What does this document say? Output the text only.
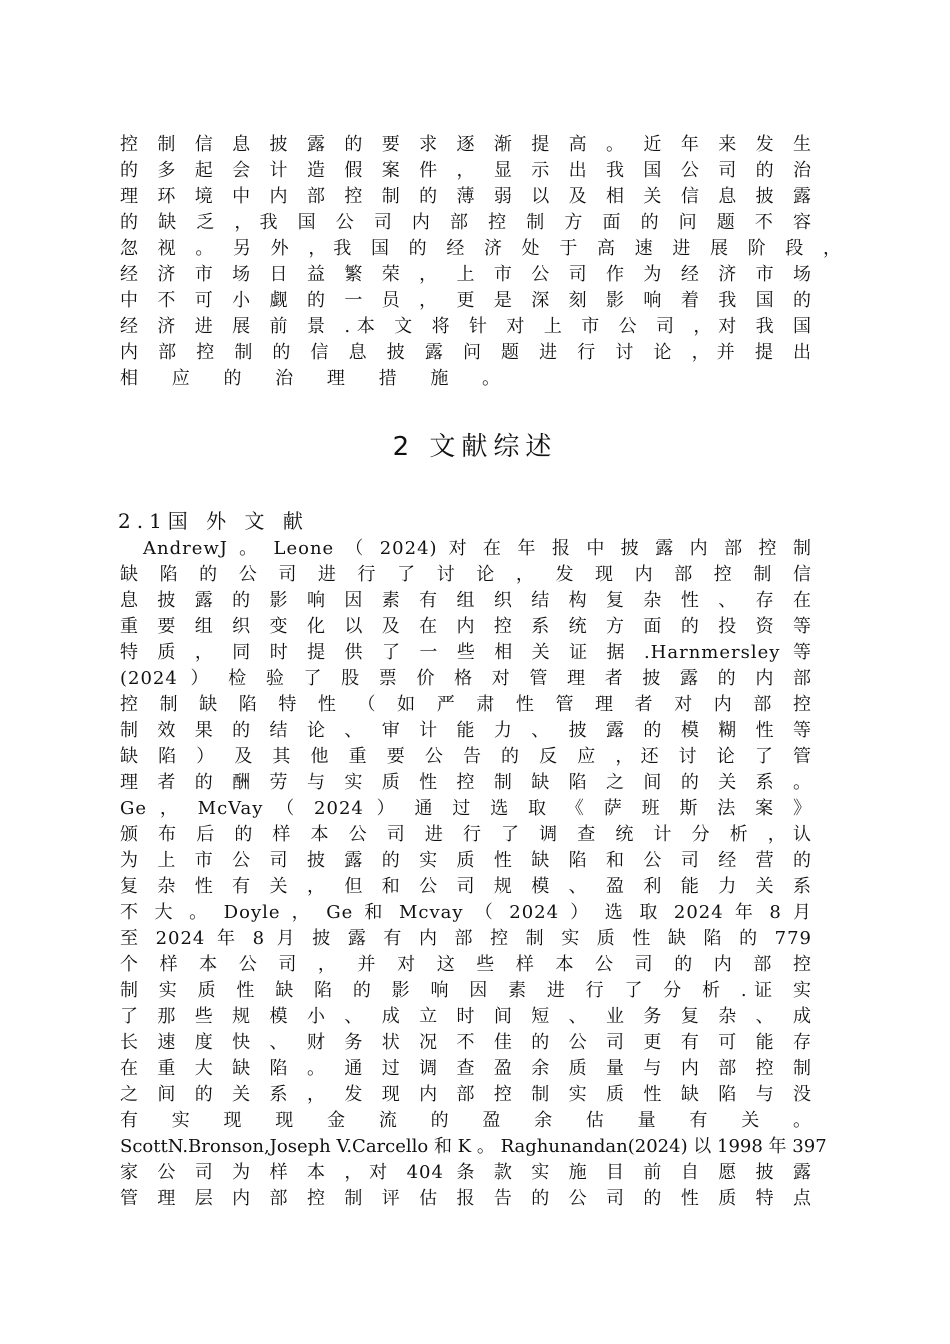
控 制 信 息 披 露 的 要 求 逐 渐 提 高 。 近 年 来 发 生
的 多 起 会 计 造 假 案 件 ， 显 示 出 我 国 公 司 的 治
理 环 境 中 内 部 控 制 的 薄 弱 以 及 相 关 信 息 披 露
的 缺 乏 ，我 国 公 司 内 部 控 制 方 面 的 问 题 不 容
忽 视 。 另 外 ，我 国 的 经 济 处 于 高 速 进 展 阶 段 ，
经 济 市 场 日 益 繁 荣 ， 上 市 公 司 作 为 经 济 市 场
中 不 可 小 觑 的 一 员 ， 更 是 深 刻 影 响 着 我 国 的
经 济 进 展 前 景 .本 文 将 针 对 上 市 公 司 ，对 我 国
内 部 控 制 的 信 息 披 露 问 题 进 行 讨 论 ，并 提 出
相 应 的 治 理 措 施 。
2 文献综述
2.1国 外 文 献
AndrewJ 。 Leone （ 2024) 对 在 年 报 中 披 露 内 部 控 制
缺 陷 的 公 司 进 行 了 讨 论 ， 发 现 内 部 控 制 信
息 披 露 的 影 响 因 素 有 组 织 结 构 复 杂 性 、 存 在
重 要 组 织 变 化 以 及 在 内 控 系 统 方 面 的 投 资 等
特 质 ， 同 时 提 供 了 一 些 相 关 证 据 .Harnmersley 等
(2024 ） 检 验 了 股 票 价 格 对 管 理 者 披 露 的 内 部
控 制 缺 陷 特 性 （ 如 严 肃 性 管 理 者 对 内 部 控
制 效 果 的 结 论 、 审 计 能 力 、 披 露 的 模 糊 性 等
缺 陷 ） 及 其 他 重 要 公 告 的 反 应 ，还 讨 论 了 管
理 者 的 酬 劳 与 实 质 性 控 制 缺 陷 之 间 的 关 系 。
Ge ， McVay （ 2024 ） 通 过 选 取 《 萨 班 斯 法 案 》
颁 布 后 的 样 本 公 司 进 行 了 调 查 统 计 分 析 ，认
为 上 市 公 司 披 露 的 实 质 性 缺 陷 和 公 司 经 营 的
复 杂 性 有 关 ， 但 和 公 司 规 模 、 盈 利 能 力 关 系
不 大 。 Doyle ， Ge 和 Mcvay （ 2024 ） 选 取 2024 年 8 月
至 2024 年 8 月 披 露 有 内 部 控 制 实 质 性 缺 陷 的 779
个 样 本 公 司 ， 并 对 这 些 样 本 公 司 的 内 部 控
制 实 质 性 缺 陷 的 影 响 因 素 进 行 了 分 析 .证 实
了 那 些 规 模 小 、 成 立 时 间 短 、 业 务 复 杂 、 成
长 速 度 快 、 财 务 状 况 不 佳 的 公 司 更 有 可 能 存
在 重 大 缺 陷 。 通 过 调 查 盈 余 质 量 与 内 部 控 制
之 间 的 关 系 ， 发 现 内 部 控 制 实 质 性 缺 陷 与 没
有 实 现 现 金 流 的 盈 余 估 量 有 关 。
ScottN.Bronson,Joseph V.Carcello 和 K 。 Raghunandan(2024) 以 1998 年 397
家 公 司 为 样 本 ，对 404 条 款 实 施 目 前 自 愿 披 露
管 理 层 内 部 控 制 评 估 报 告 的 公 司 的 性 质 特 点
